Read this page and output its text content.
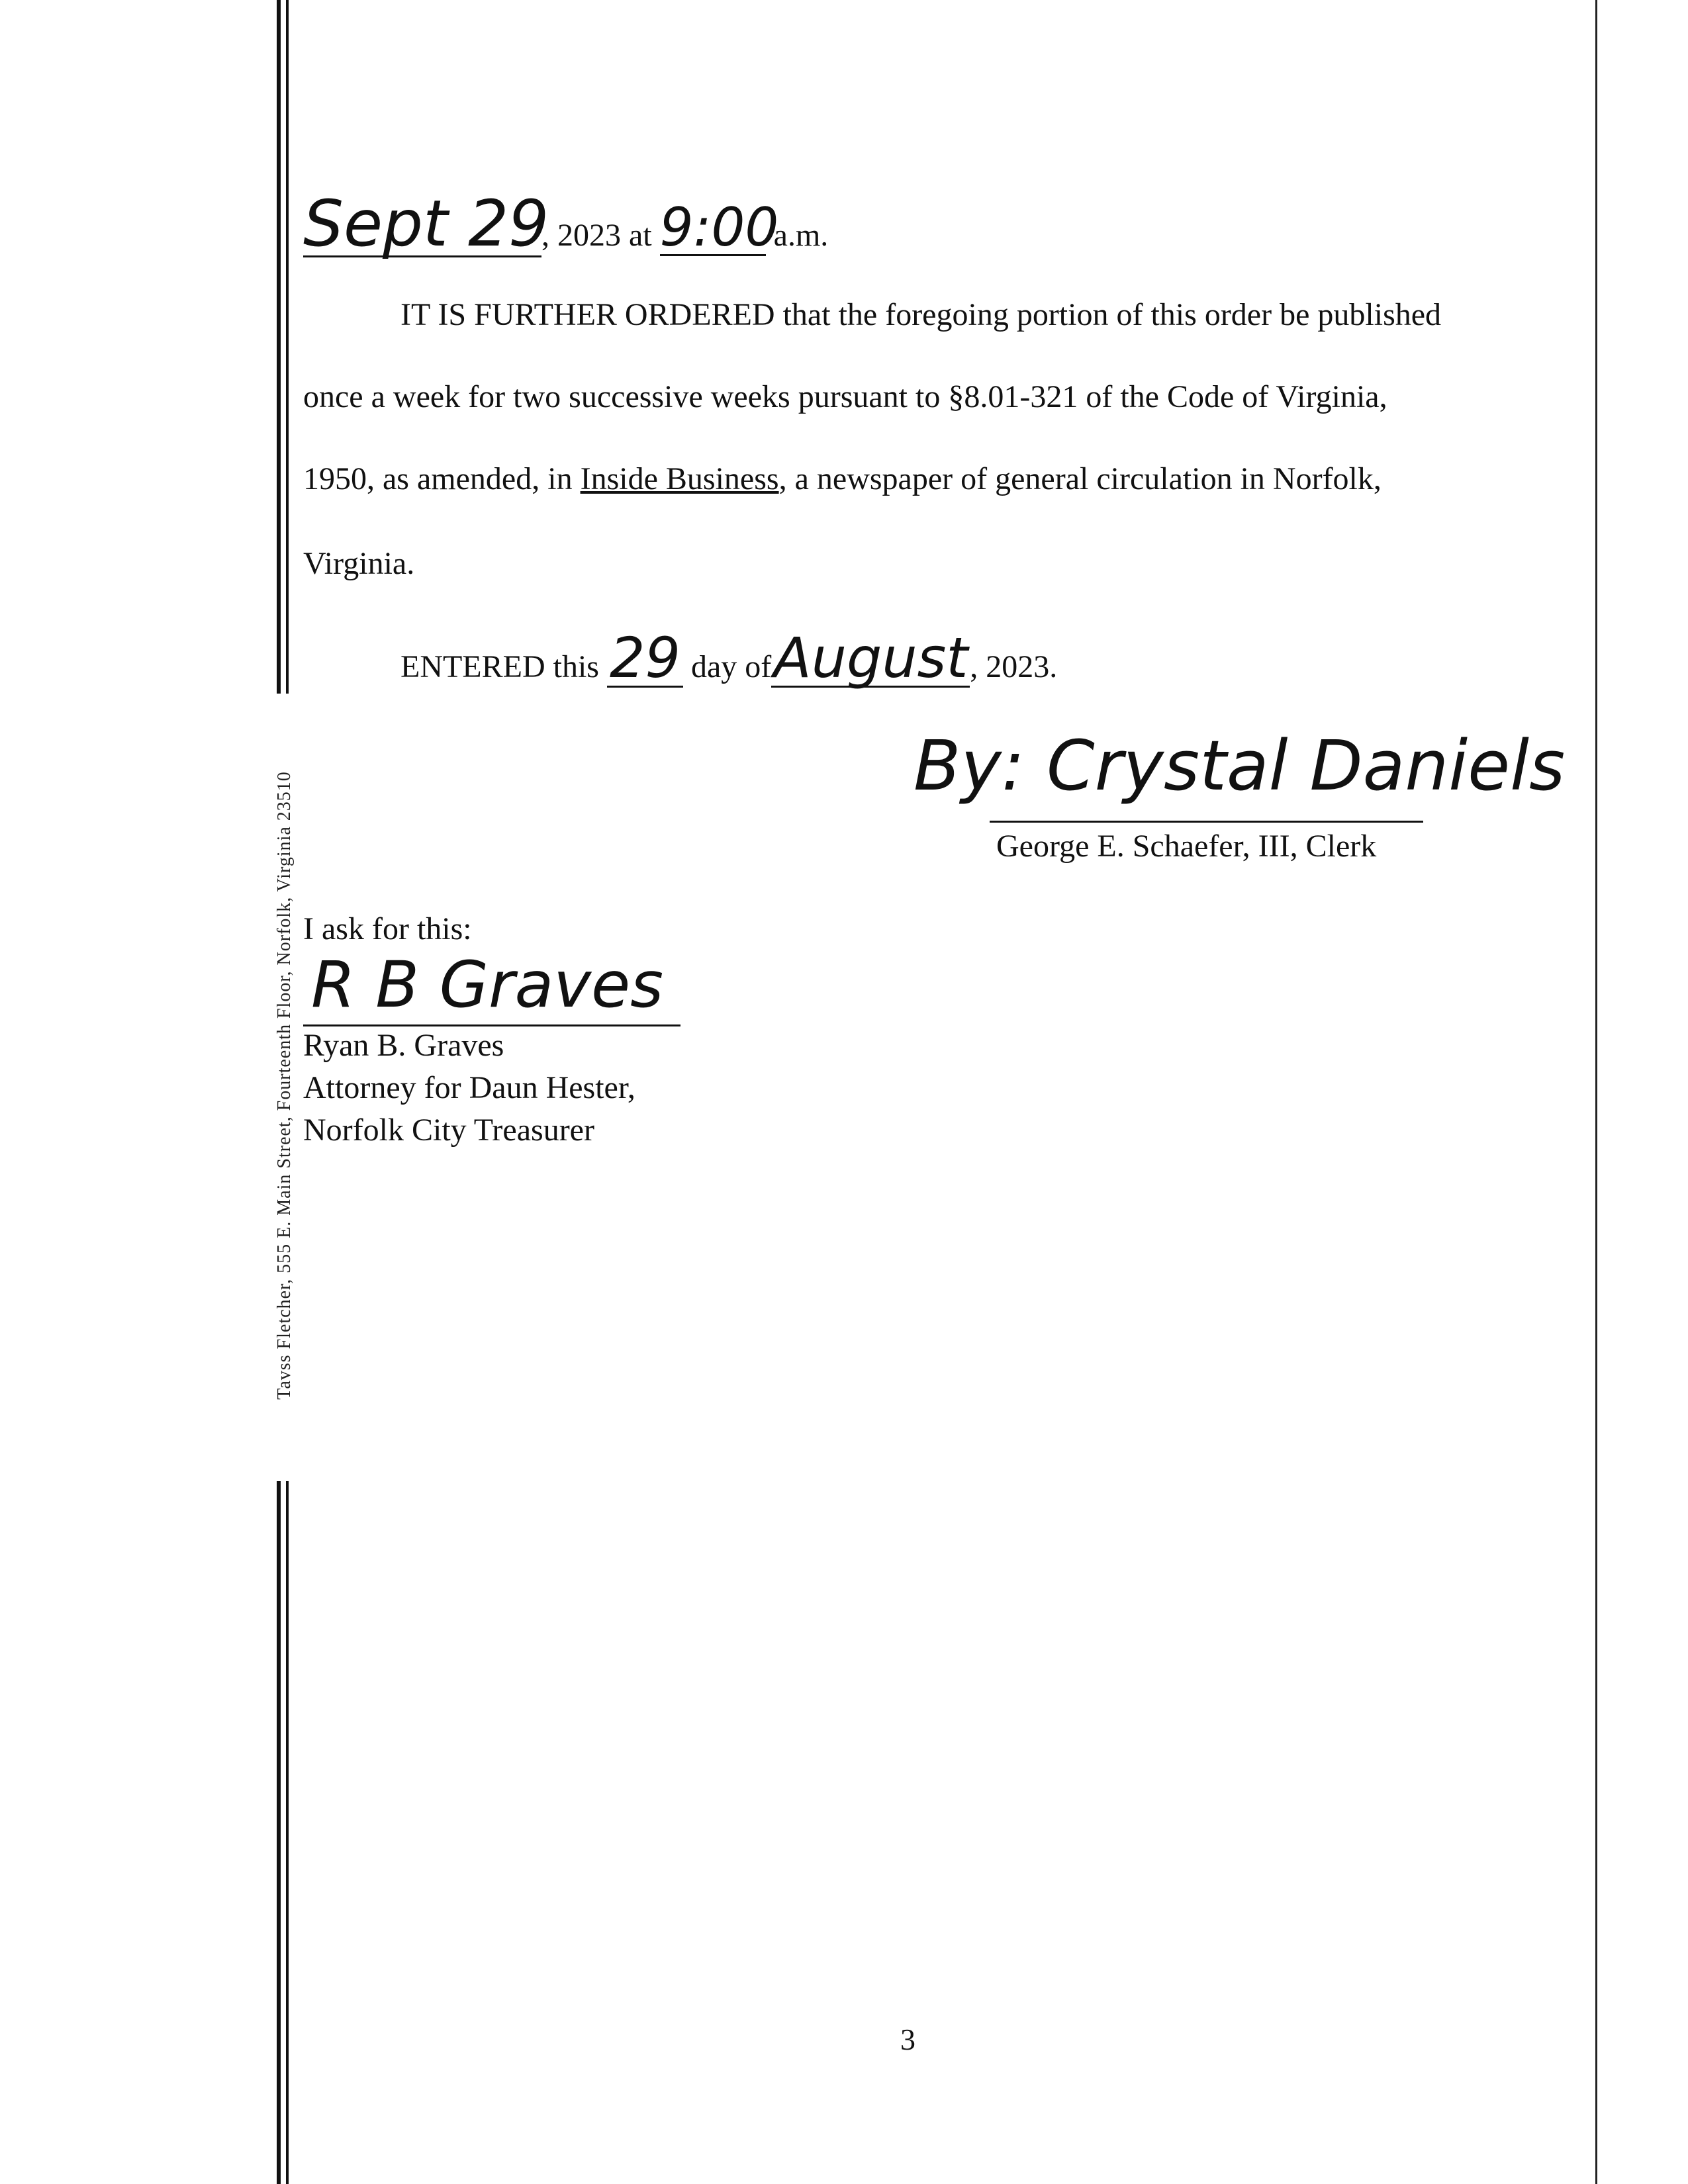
Tavss Fletcher, 555 E. Main Street, Fourteenth Floor, Norfolk, Virginia 23510
Sept 29, 2023 at 9:00 a.m.
IT IS FURTHER ORDERED that the foregoing portion of this order be published
once a week for two successive weeks pursuant to §8.01-321 of the Code of Virginia,
1950, as amended, in Inside Business, a newspaper of general circulation in Norfolk,
Virginia.
ENTERED this 29 day ofAugust, 2023.
By: Crystal Daniels
George E. Schaefer, III, Clerk
I ask for this:
R B Graves
Ryan B. Graves
Attorney for Daun Hester,
Norfolk City Treasurer
3
